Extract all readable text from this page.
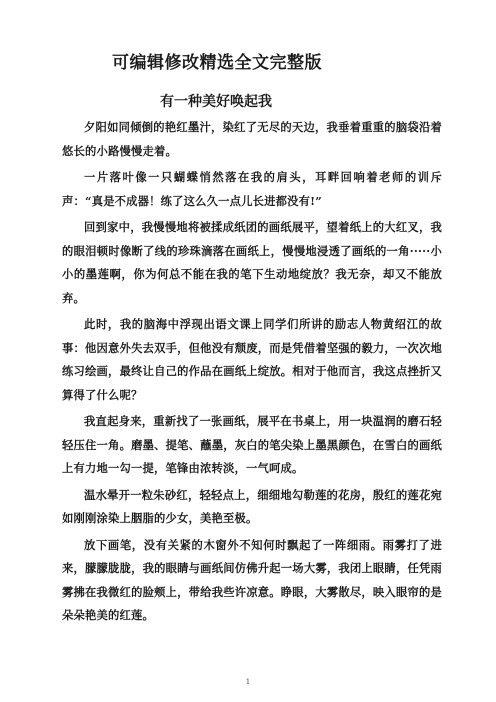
可编辑修改精选全文完整版
有一种美好唤起我

夕阳如同倾倒的艳红墨汁，染红了无尽的天边，我垂着重重的脑袋沿着悠长的小路慢慢走着。

一片落叶像一只蝴蝶悄然落在我的肩头，耳畔回响着老师的训斥声：“真是不成器！练了这么久一点儿长进都没有!”

回到家中，我慢慢地将被揉成纸团的画纸展平，望着纸上的大红叉，我的眼泪顿时像断了线的珍珠滴落在画纸上，慢慢地浸透了画纸的一角·····小小的墨莲啊，你为何总不能在我的笔下生动地绽放？我无奈，却又不能放弃。

此时，我的脑海中浮现出语文课上同学们所讲的励志人物黄绍江的故事：他因意外失去双手，但他没有颓废，而是凭借着坚强的毅力，一次次地练习绘画，最终让自己的作品在画纸上绽放。相对于他而言，我这点挫折又算得了什么呢？

我直起身来，重新找了一张画纸，展平在书桌上，用一块温润的磨石轻轻压住一角。磨墨、提笔、蘸墨，灰白的笔尖染上墨黑颜色，在雪白的画纸上有力地一勾一提，笔锋由浓转淡，一气呵成。

温水晕开一粒朱砂红，轻轻点上，细细地勾勒莲的花房，殷红的莲花宛如刚刚涂染上胭脂的少女，美艳至极。

放下画笔，没有关紧的木窗外不知何时飘起了一阵细雨。雨雾打了进来，朦朦胧胧，我的眼睛与画纸间仿佛升起一场大雾，我闭上眼睛，任凭雨雾拂在我微红的脸颊上，带给我些许凉意。睁眼，大雾散尽，映入眼帘的是朵朵艳美的红莲。

1
